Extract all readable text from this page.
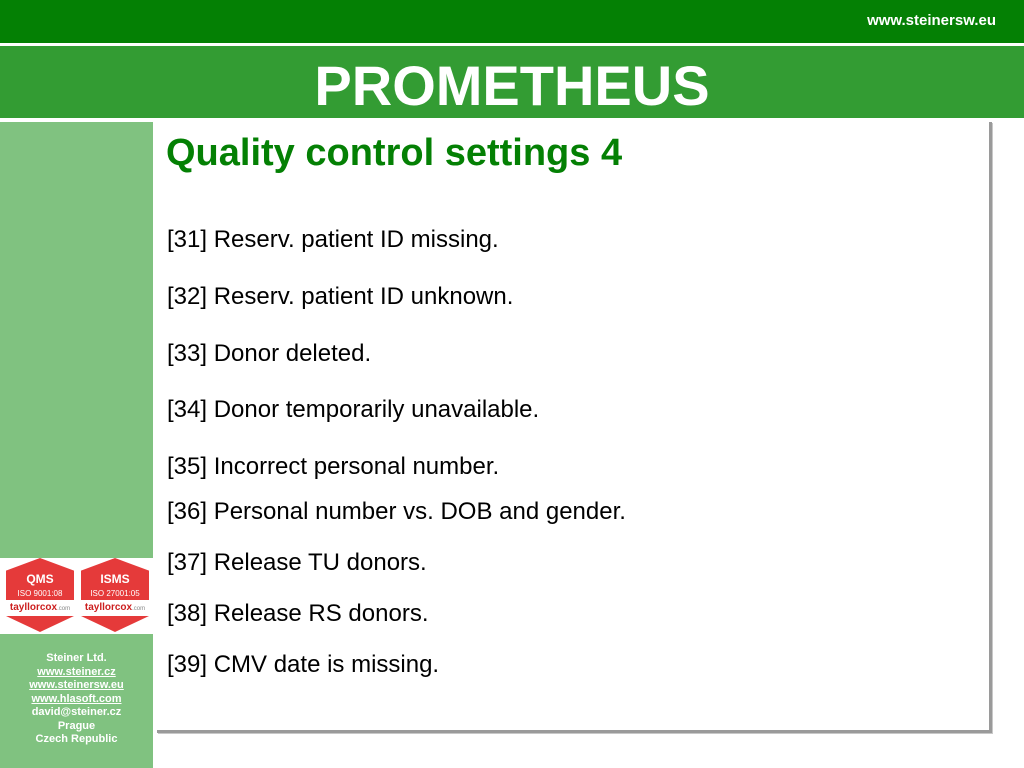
www.steinersw.eu
PROMETHEUS
QMS
ISO 9001:08
tayllorcox.com
ISMS
ISO 27001:05
tayllorcox.com
Steiner Ltd.
www.steiner.cz
www.steinersw.eu
www.hlasoft.com
david@steiner.cz
Prague
Czech Republic
Quality control settings 4
[31] Reserv. patient ID missing.
[32] Reserv. patient ID unknown.
[33] Donor deleted.
[34] Donor temporarily unavailable.
[35] Incorrect personal number.
[36] Personal number vs. DOB and gender.
[37] Release TU donors.
[38] Release RS donors.
[39] CMV date is missing.
